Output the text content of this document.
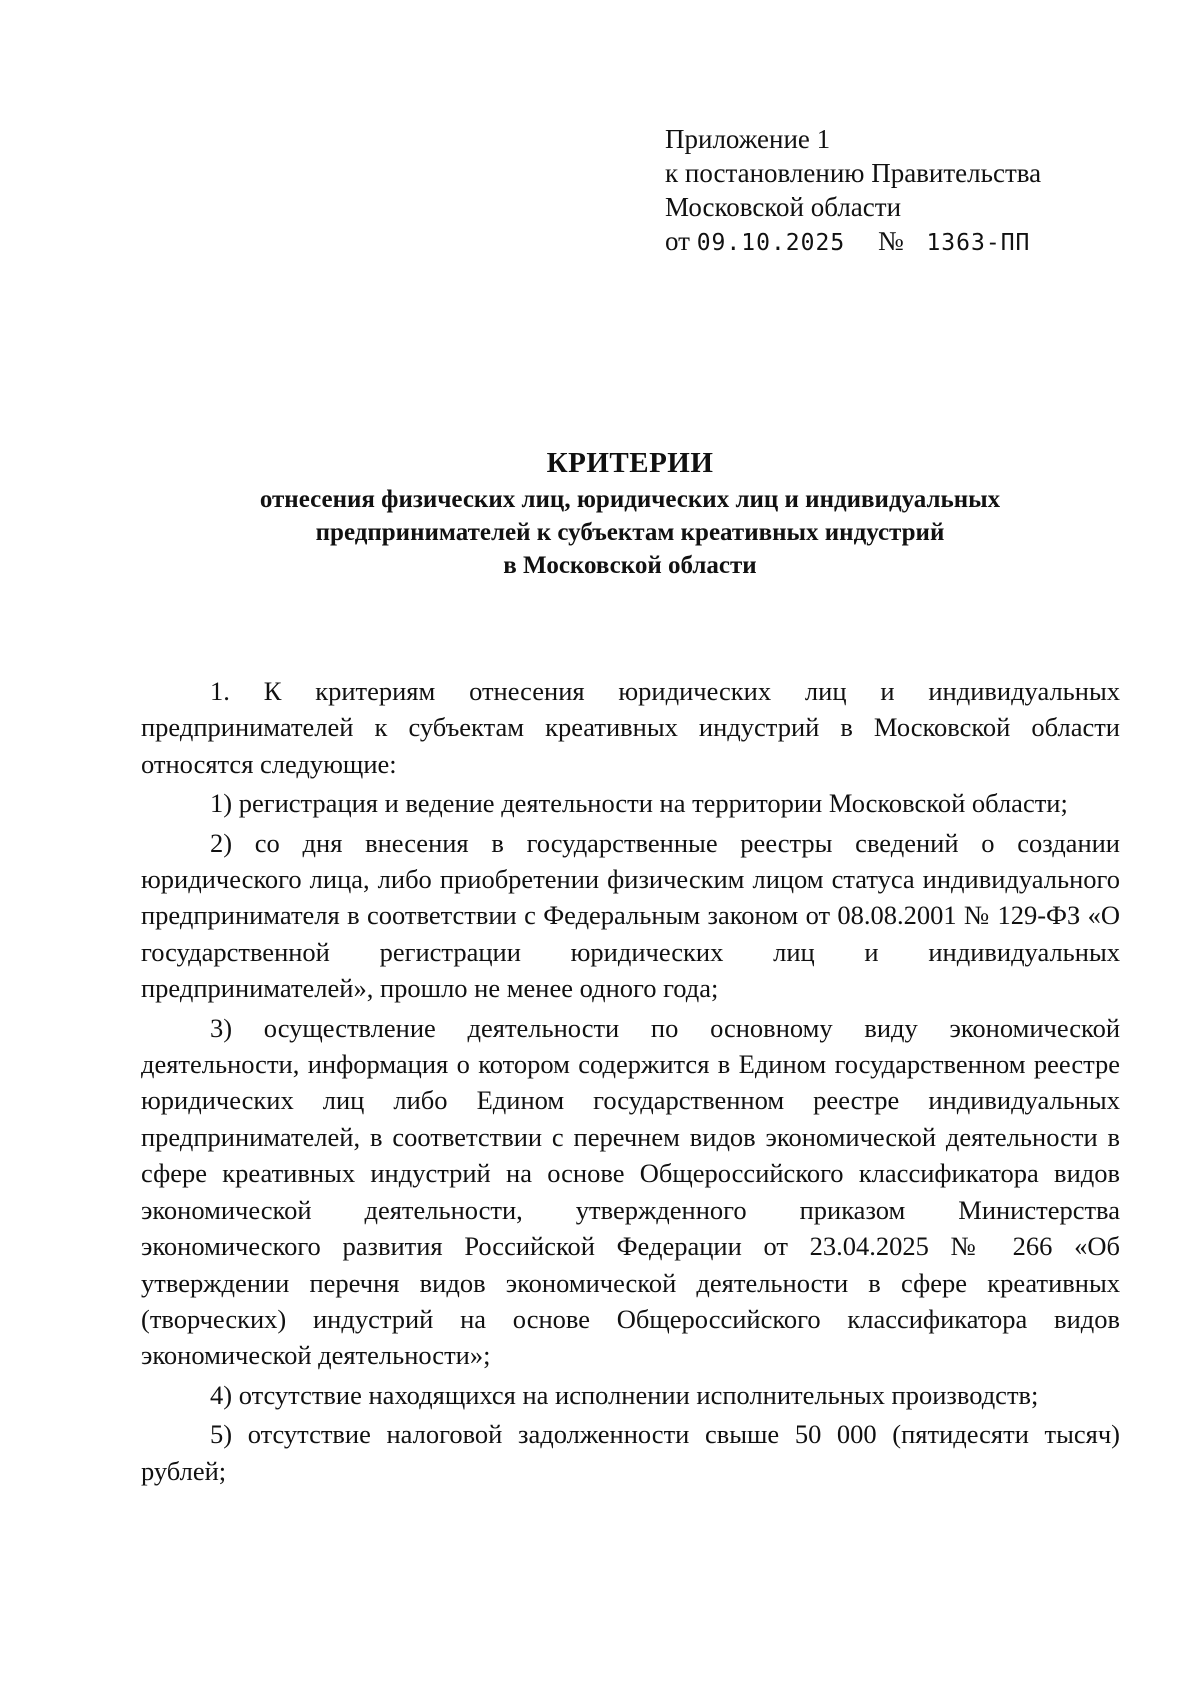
Приложение 1
к постановлению Правительства
Московской области
от 09.10.2025 № 1363-ПП
КРИТЕРИИ
отнесения физических лиц, юридических лиц и индивидуальных
предпринимателей к субъектам креативных индустрий
в Московской области

1. К критериям отнесения юридических лиц и индивидуальных предпринимателей к субъектам креативных индустрий в Московской области относятся следующие:

1) регистрация и ведение деятельности на территории Московской области;

2) со дня внесения в государственные реестры сведений о создании юридического лица, либо приобретении физическим лицом статуса индивидуального предпринимателя в соответствии с Федеральным законом от 08.08.2001 № 129-ФЗ «О государственной регистрации юридических лиц и индивидуальных предпринимателей», прошло не менее одного года;

3) осуществление деятельности по основному виду экономической деятельности, информация о котором содержится в Едином государственном реестре юридических лиц либо Едином государственном реестре индивидуальных предпринимателей, в соответствии с перечнем видов экономической деятельности в сфере креативных индустрий на основе Общероссийского классификатора видов экономической деятельности, утвержденного приказом Министерства экономического развития Российской Федерации от 23.04.2025 № 266 «Об утверждении перечня видов экономической деятельности в сфере креативных (творческих) индустрий на основе Общероссийского классификатора видов экономической деятельности»;

4) отсутствие находящихся на исполнении исполнительных производств;

5) отсутствие налоговой задолженности свыше 50 000 (пятидесяти тысяч) рублей;
